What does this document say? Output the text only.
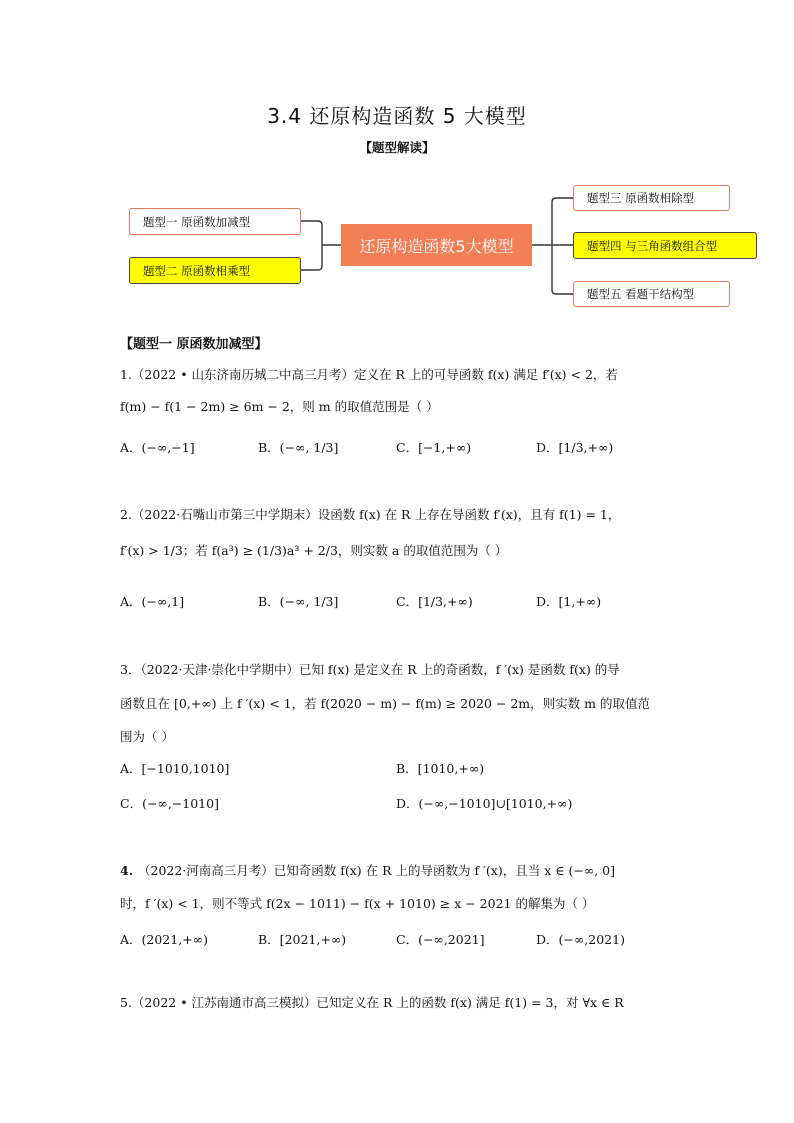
3.4 还原构造函数 5 大模型
【题型解读】
题型一 原函数加减型
题型二 原函数相乘型
还原构造函数5大模型
题型三 原函数相除型
题型四 与三角函数组合型
题型五 看题干结构型
【题型一 原函数加减型】
1.（2022 • 山东济南历城二中高三月考）定义在 R 上的可导函数 f(x) 满足 f′(x) < 2，若
f(m) − f(1 − 2m) ≥ 6m − 2，则 m 的取值范围是（ ）
A．(−∞,−1]	B．(−∞, 1/3]	C．[−1,+∞)	D．[1/3,+∞)
2.（2022·石嘴山市第三中学期末）设函数 f(x) 在 R 上存在导函数 f′(x)，且有 f(1) = 1，
f′(x) > 1/3；若 f(a³) ≥ (1/3)a³ + 2/3，则实数 a 的取值范围为（ ）
A．(−∞,1]	B．(−∞, 1/3]	C．[1/3,+∞)	D．[1,+∞)
3．（2022·天津·崇化中学期中）已知 f(x) 是定义在 R 上的奇函数，f ′(x) 是函数 f(x) 的导
函数且在 [0,+∞) 上 f ′(x) < 1，若 f(2020 − m) − f(m) ≥ 2020 − 2m，则实数 m 的取值范
围为（ ）
A．[−1010,1010]	B．[1010,+∞)
C．(−∞,−1010]	D．(−∞,−1010]∪[1010,+∞)
4. （2022·河南高三月考）已知奇函数 f(x) 在 R 上的导函数为 f ′(x)，且当 x ∈ (−∞, 0]
时，f ′(x) < 1，则不等式 f(2x − 1011) − f(x + 1010) ≥ x − 2021 的解集为（ ）
A．(2021,+∞)	B．[2021,+∞)	C．(−∞,2021]	D．(−∞,2021)
5.（2022 • 江苏南通市高三模拟）已知定义在 R 上的函数 f(x) 满足 f(1) = 3，对 ∀x ∈ R
